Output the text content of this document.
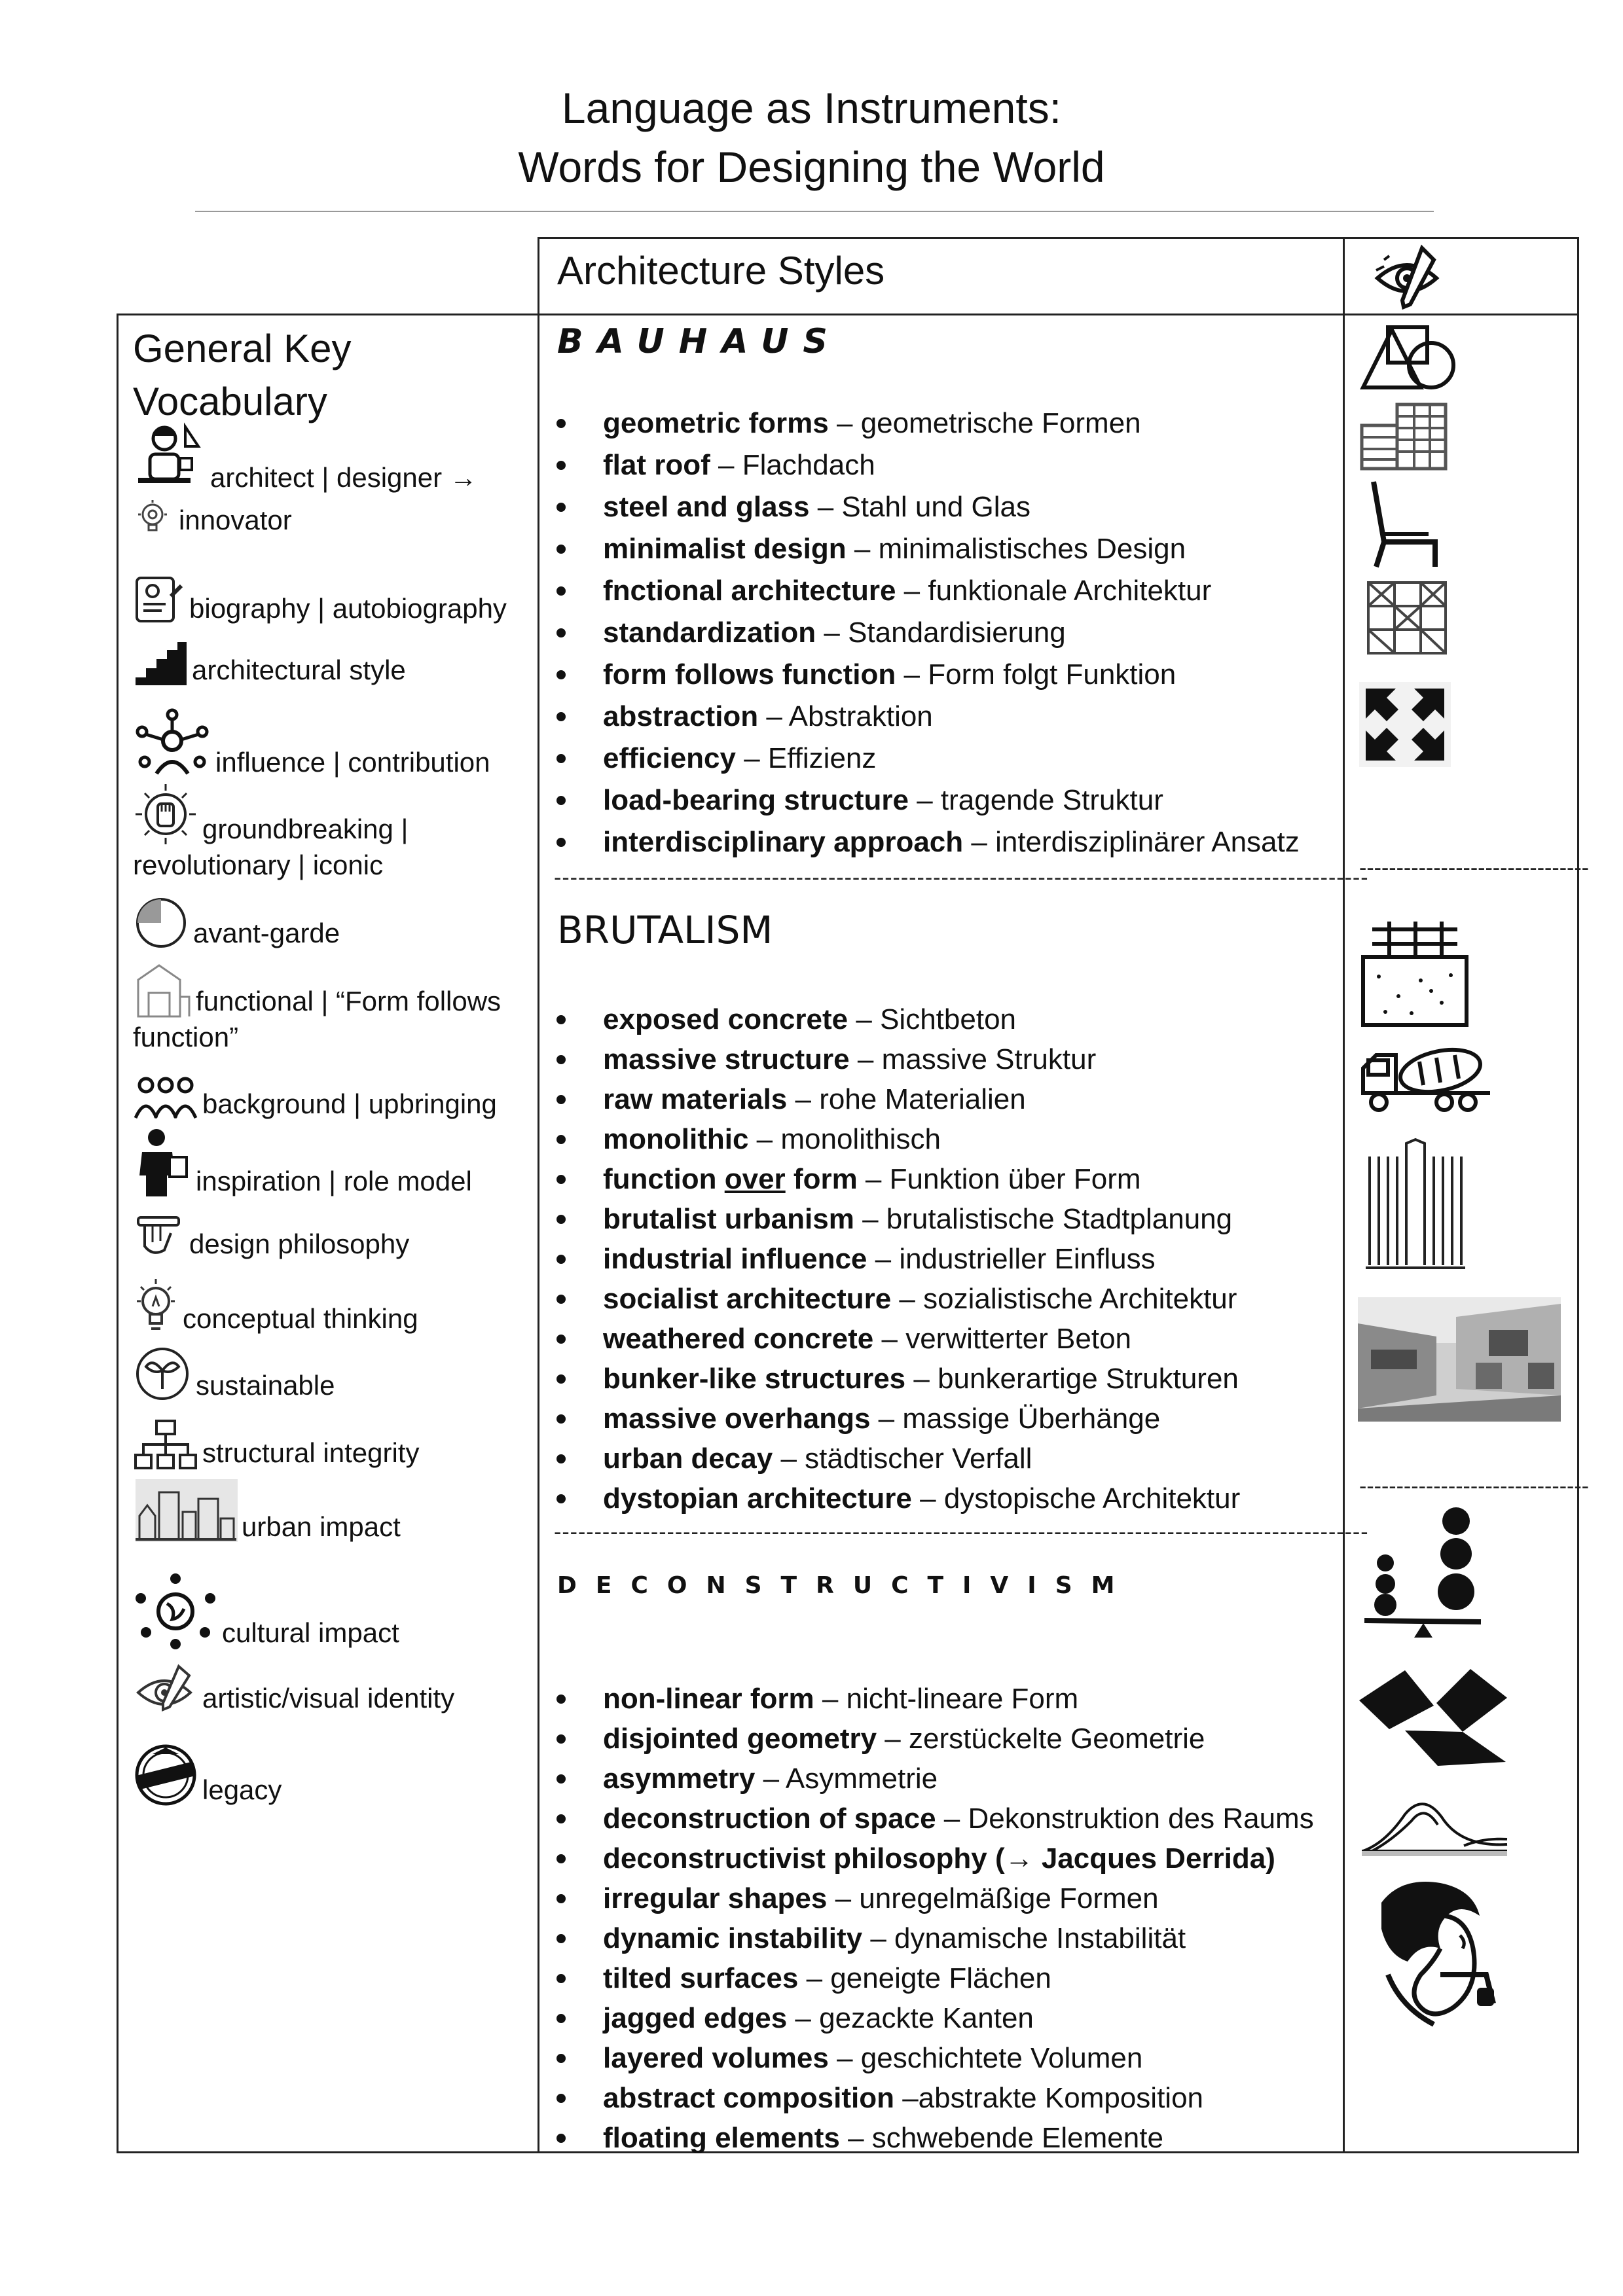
Language as Instruments:
Words for Designing the World
Architecture Styles
General Key Vocabulary
architect | designer →
innovator
biography | autobiography
architectural style
influence | contribution
groundbreaking | revolutionary | iconic
avant-garde
functional | “Form follows function”
background | upbringing
inspiration | role model
design philosophy
conceptual thinking
sustainable
structural integrity
urban impact
cultural impact
artistic/visual identity
legacy
BAUHAUS
geometric forms – geometrische Formen
flat roof – Flachdach
steel and glass – Stahl und Glas
minimalist design – minimalistisches Design
fnctional architecture – funktionale Architektur
standardization – Standardisierung
form follows function – Form folgt Funktion
abstraction – Abstraktion
efficiency – Effizienz
load-bearing structure – tragende Struktur
interdisciplinary approach – interdisziplinärer Ansatz
-----------------------------------------------------------------------------------------------------
BRUTALISM
exposed concrete – Sichtbeton
massive structure – massive Struktur
raw materials – rohe Materialien
monolithic – monolithisch
function over form – Funktion über Form
brutalist urbanism – brutalistische Stadtplanung
industrial influence – industrieller Einfluss
socialist architecture – sozialistische Architektur
weathered concrete – verwitterter Beton
bunker-like structures – bunkerartige Strukturen
massive overhangs – massige Überhänge
urban decay – städtischer Verfall
dystopian architecture – dystopische Architektur
-----------------------------------------------------------------------------------------------------
DECONSTRUCTIVISM
non-linear form – nicht-lineare Form
disjointed geometry – zerstückelte Geometrie
asymmetry – Asymmetrie
deconstruction of space – Dekonstruktion des Raums
deconstructivist philosophy (→ Jacques Derrida)
irregular shapes – unregelmäßige Formen
dynamic instability – dynamische Instabilität
tilted surfaces – geneigte Flächen
jagged edges – gezackte Kanten
layered volumes – geschichtete Volumen
abstract composition –abstrakte Komposition
floating elements – schwebende Elemente
-------------------------------
-------------------------------
